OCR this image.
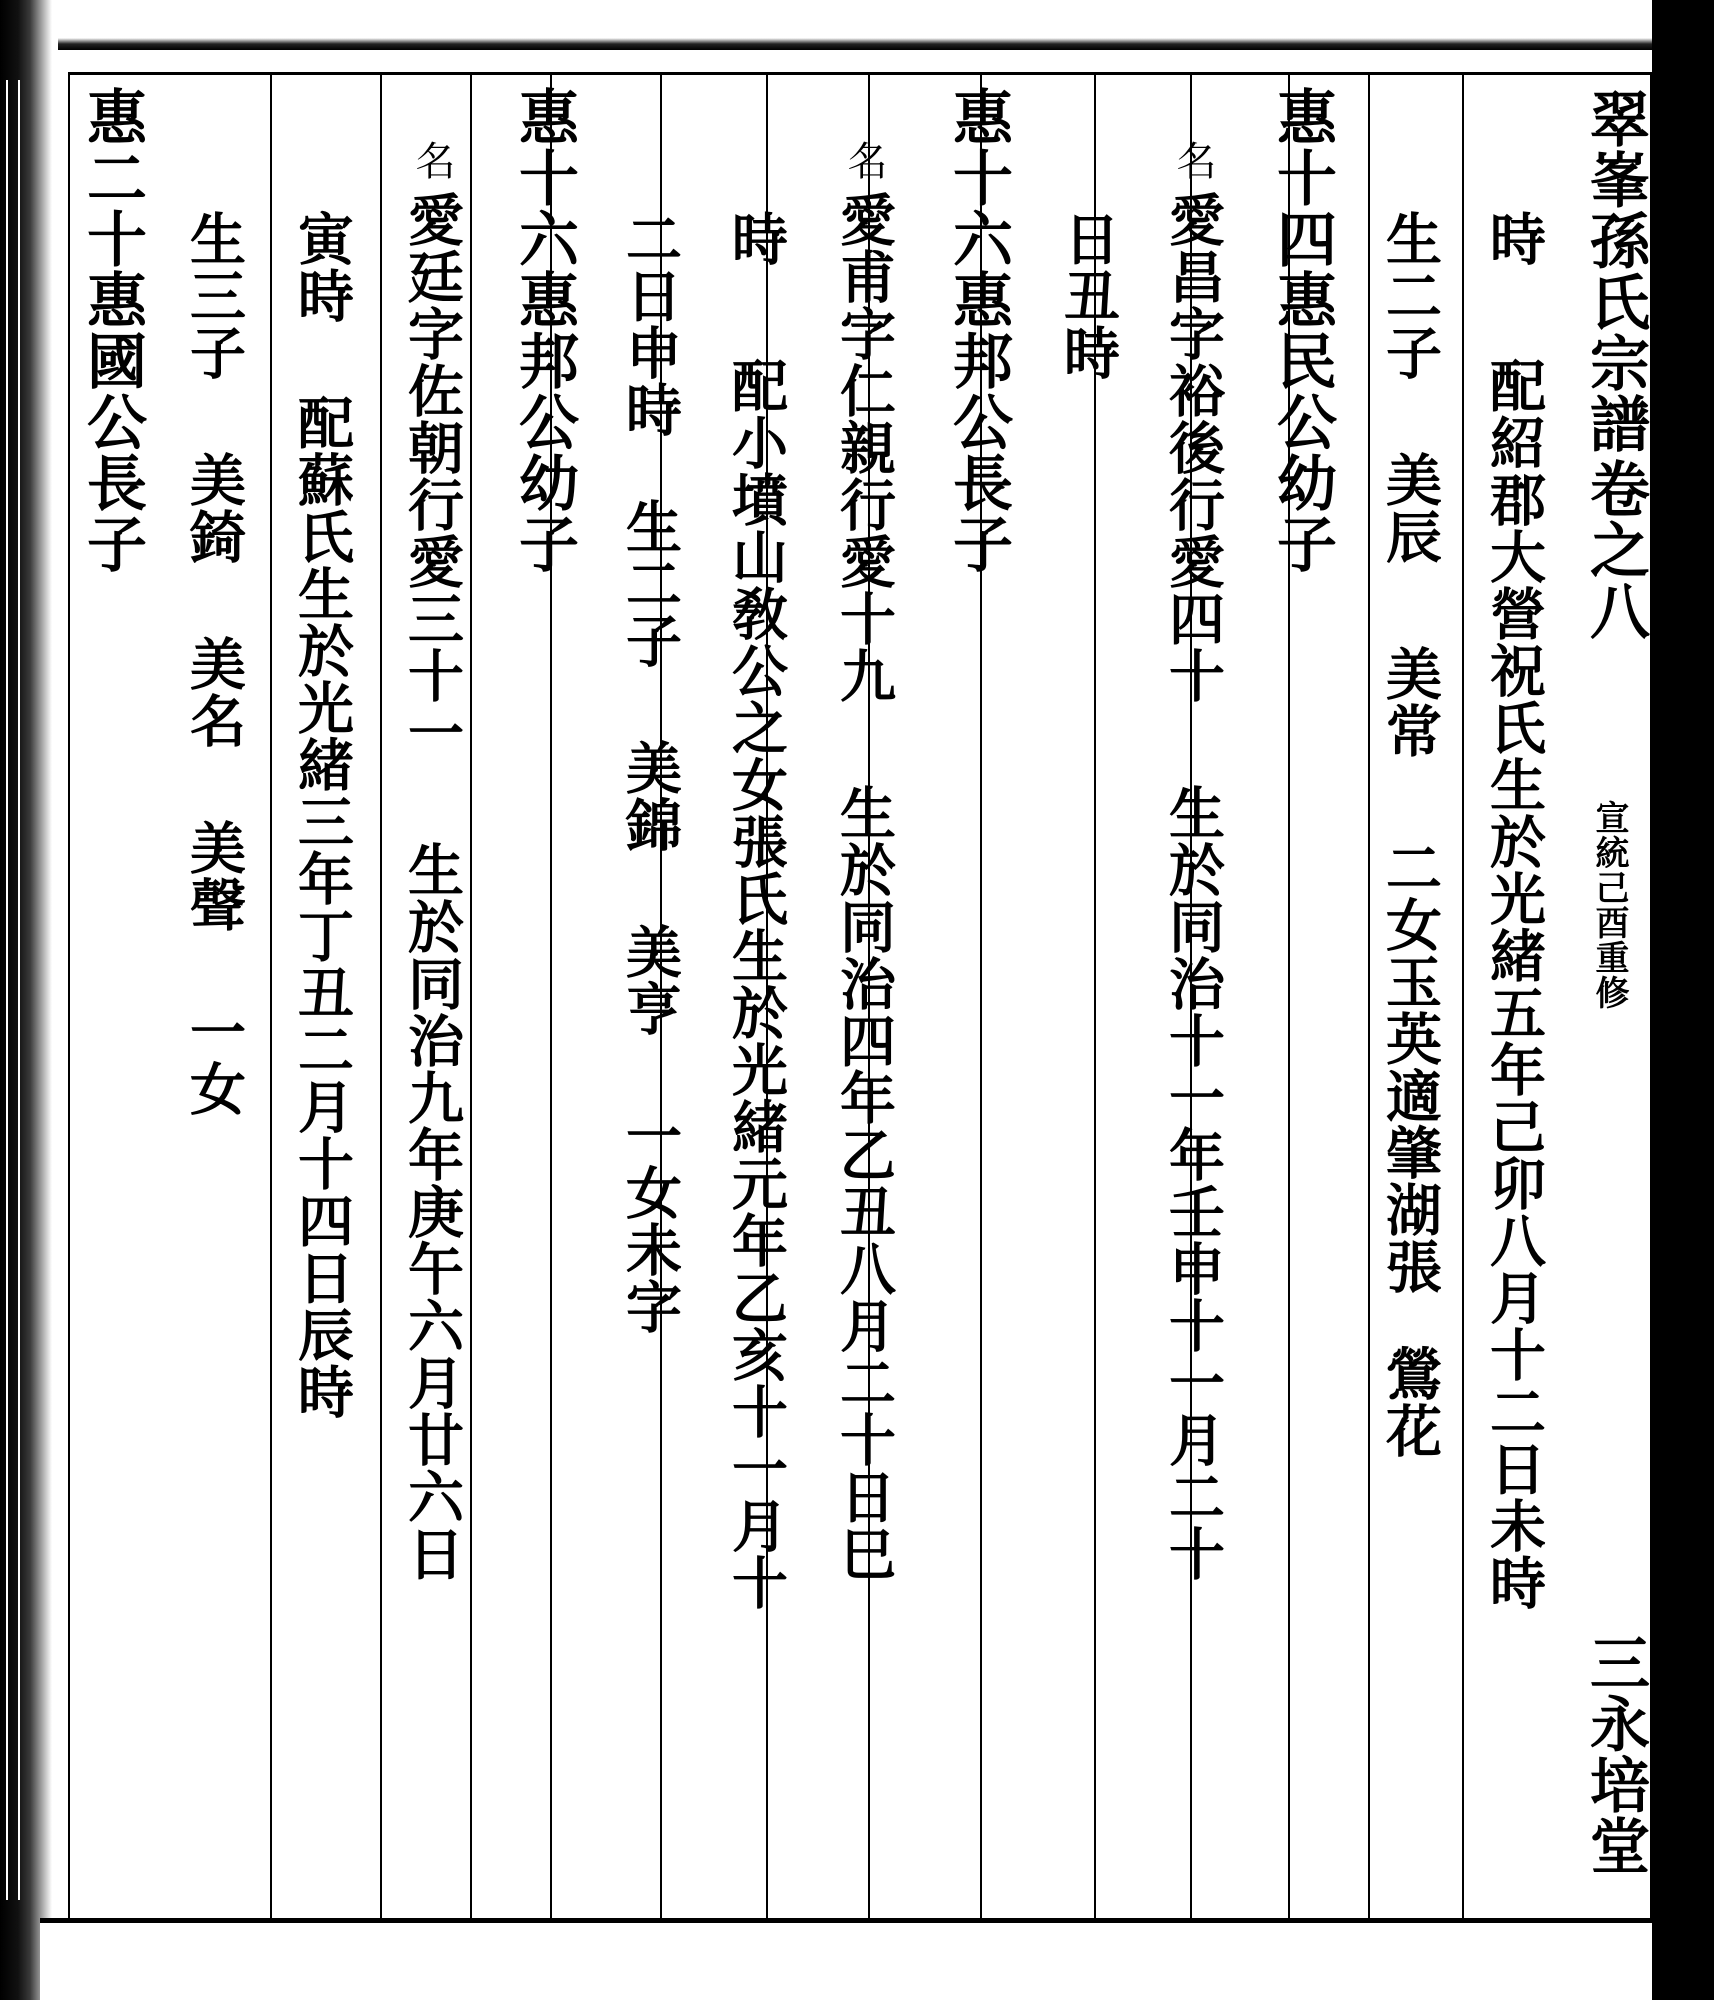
翠峯孫氏宗譜
卷之八
宣統己酉重修
三永培堂
時配紹郡大營祝氏生於光緒五年己卯八月十二日未時
生二子美辰美常二女玉英適肇湖張鶯花
惠十四惠民公幼子
名愛昌字裕後行愛四十生於同治十一年壬申十一月二十
日丑時
惠十六惠邦公長子
名愛甫字仁親行愛十九生於同治四年乙丑八月二十日巳
時配小墳山敎公之女張氏生於光緒元年乙亥十一月十
二日申時生二子美錦美亨一女未字
惠十六惠邦公幼子
名愛廷字佐朝行愛三十一生於同治九年庚午六月廿六日
寅時配蘇氏生於光緒三年丁丑二月十四日辰時
生三子美錡美名美聲一女
惠二十惠國公長子
